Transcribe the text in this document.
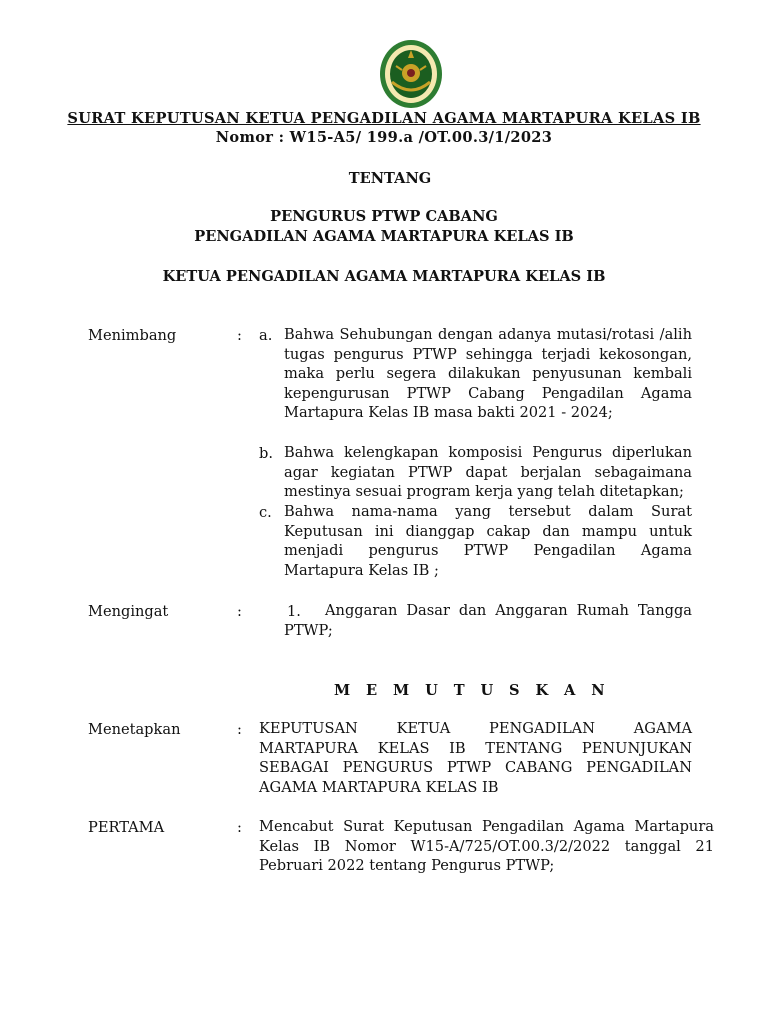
SURAT KEPUTUSAN KETUA PENGADILAN AGAMA MARTAPURA KELAS IB
Nomor : W15-A5/ 199.a /OT.00.3/1/2023
TENTANG
PENGURUS PTWP CABANG
PENGADILAN AGAMA MARTAPURA KELAS IB
KETUA PENGADILAN AGAMA MARTAPURA KELAS IB
Menimbang	: a. Bahwa Sehubungan dengan adanya mutasi/rotasi /alih tugas pengurus PTWP sehingga terjadi kekosongan, maka perlu segera dilakukan penyusunan kembali kepengurusan PTWP Cabang Pengadilan Agama Martapura Kelas IB masa bakti 2021 - 2024;
b. Bahwa kelengkapan komposisi Pengurus diperlukan agar kegiatan PTWP dapat berjalan sebagaimana mestinya sesuai program kerja yang telah ditetapkan;
c. Bahwa nama-nama yang tersebut dalam Surat Keputusan ini dianggap cakap dan mampu untuk menjadi pengurus PTWP Pengadilan Agama Martapura Kelas IB ;
Mengingat	:	1.	Anggaran Dasar dan Anggaran Rumah Tangga PTWP;
M E M U T U S K A N
Menetapkan	: KEPUTUSAN KETUA PENGADILAN AGAMA MARTAPURA KELAS IB TENTANG PENUNJUKAN SEBAGAI PENGURUS PTWP CABANG PENGADILAN AGAMA MARTAPURA KELAS IB
PERTAMA	: Mencabut Surat Keputusan Pengadilan Agama Martapura Kelas IB Nomor W15-A/725/OT.00.3/2/2022 tanggal 21 Pebruari 2022 tentang Pengurus PTWP;
